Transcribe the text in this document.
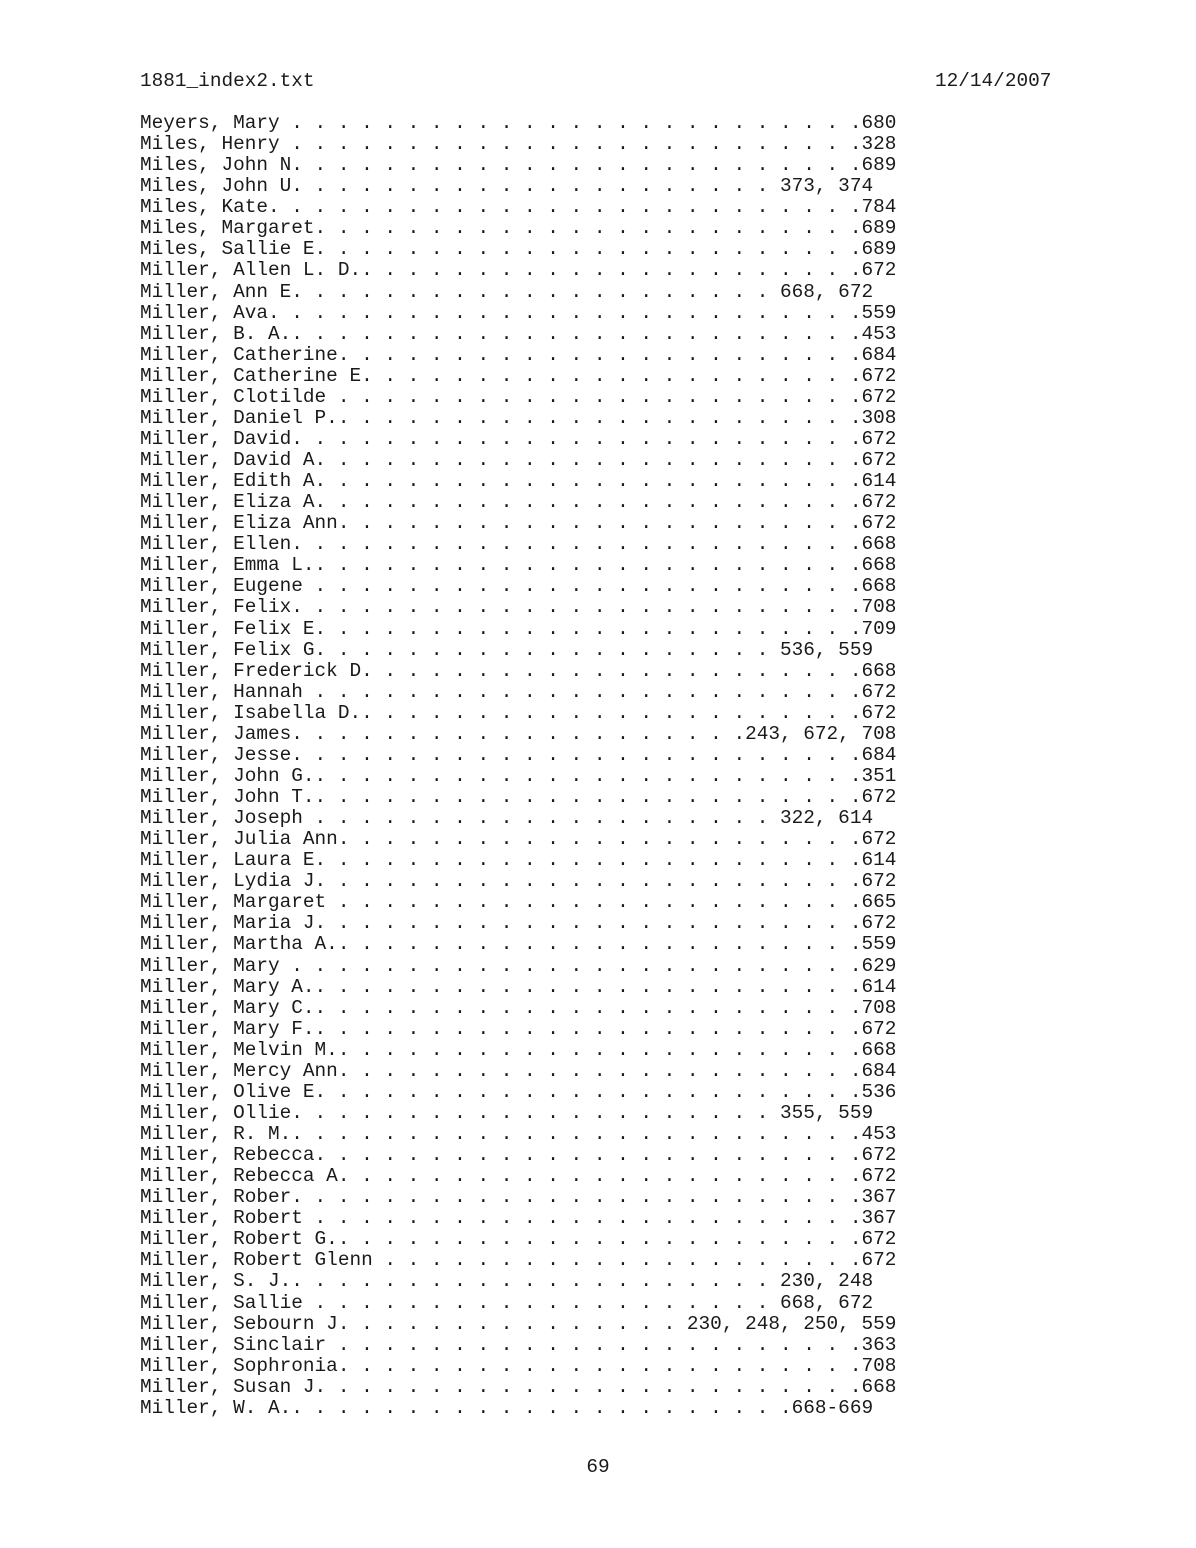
1881_index2.txt	12/14/2007
Meyers, Mary . . . . . . . . . . . . . . . . . . . . . . . . .680
Miles, Henry . . . . . . . . . . . . . . . . . . . . . . . . .328
Miles, John N. . . . . . . . . . . . . . . . . . . . . . . . .689
Miles, John U. . . . . . . . . . . . . . . . . . . . . 373, 374
Miles, Kate. . . . . . . . . . . . . . . . . . . . . . . . . .784
Miles, Margaret. . . . . . . . . . . . . . . . . . . . . . . .689
Miles, Sallie E. . . . . . . . . . . . . . . . . . . . . . . .689
Miller, Allen L. D.. . . . . . . . . . . . . . . . . . . . . .672
Miller, Ann E. . . . . . . . . . . . . . . . . . . . . 668, 672
Miller, Ava. . . . . . . . . . . . . . . . . . . . . . . . . .559
Miller, B. A.. . . . . . . . . . . . . . . . . . . . . . . . .453
Miller, Catherine. . . . . . . . . . . . . . . . . . . . . . .684
Miller, Catherine E. . . . . . . . . . . . . . . . . . . . . .672
Miller, Clotilde . . . . . . . . . . . . . . . . . . . . . . .672
Miller, Daniel P.. . . . . . . . . . . . . . . . . . . . . . .308
Miller, David. . . . . . . . . . . . . . . . . . . . . . . . .672
Miller, David A. . . . . . . . . . . . . . . . . . . . . . . .672
Miller, Edith A. . . . . . . . . . . . . . . . . . . . . . . .614
Miller, Eliza A. . . . . . . . . . . . . . . . . . . . . . . .672
Miller, Eliza Ann. . . . . . . . . . . . . . . . . . . . . . .672
Miller, Ellen. . . . . . . . . . . . . . . . . . . . . . . . .668
Miller, Emma L.. . . . . . . . . . . . . . . . . . . . . . . .668
Miller, Eugene . . . . . . . . . . . . . . . . . . . . . . . .668
Miller, Felix. . . . . . . . . . . . . . . . . . . . . . . . .708
Miller, Felix E. . . . . . . . . . . . . . . . . . . . . . . .709
Miller, Felix G. . . . . . . . . . . . . . . . . . . . 536, 559
Miller, Frederick D. . . . . . . . . . . . . . . . . . . . . .668
Miller, Hannah . . . . . . . . . . . . . . . . . . . . . . . .672
Miller, Isabella D.. . . . . . . . . . . . . . . . . . . . . .672
Miller, James. . . . . . . . . . . . . . . . . . . .243, 672, 708
Miller, Jesse. . . . . . . . . . . . . . . . . . . . . . . . .684
Miller, John G.. . . . . . . . . . . . . . . . . . . . . . . .351
Miller, John T.. . . . . . . . . . . . . . . . . . . . . . . .672
Miller, Joseph . . . . . . . . . . . . . . . . . . . . 322, 614
Miller, Julia Ann. . . . . . . . . . . . . . . . . . . . . . .672
Miller, Laura E. . . . . . . . . . . . . . . . . . . . . . . .614
Miller, Lydia J. . . . . . . . . . . . . . . . . . . . . . . .672
Miller, Margaret . . . . . . . . . . . . . . . . . . . . . . .665
Miller, Maria J. . . . . . . . . . . . . . . . . . . . . . . .672
Miller, Martha A.. . . . . . . . . . . . . . . . . . . . . . .559
Miller, Mary . . . . . . . . . . . . . . . . . . . . . . . . .629
Miller, Mary A.. . . . . . . . . . . . . . . . . . . . . . . .614
Miller, Mary C.. . . . . . . . . . . . . . . . . . . . . . . .708
Miller, Mary F.. . . . . . . . . . . . . . . . . . . . . . . .672
Miller, Melvin M.. . . . . . . . . . . . . . . . . . . . . . .668
Miller, Mercy Ann. . . . . . . . . . . . . . . . . . . . . . .684
Miller, Olive E. . . . . . . . . . . . . . . . . . . . . . . .536
Miller, Ollie. . . . . . . . . . . . . . . . . . . . . 355, 559
Miller, R. M.. . . . . . . . . . . . . . . . . . . . . . . . .453
Miller, Rebecca. . . . . . . . . . . . . . . . . . . . . . . .672
Miller, Rebecca A. . . . . . . . . . . . . . . . . . . . . . .672
Miller, Rober. . . . . . . . . . . . . . . . . . . . . . . . .367
Miller, Robert . . . . . . . . . . . . . . . . . . . . . . . .367
Miller, Robert G.. . . . . . . . . . . . . . . . . . . . . . .672
Miller, Robert Glenn . . . . . . . . . . . . . . . . . . . . .672
Miller, S. J.. . . . . . . . . . . . . . . . . . . . . 230, 248
Miller, Sallie . . . . . . . . . . . . . . . . . . . . 668, 672
Miller, Sebourn J. . . . . . . . . . . . . . . 230, 248, 250, 559
Miller, Sinclair . . . . . . . . . . . . . . . . . . . . . . .363
Miller, Sophronia. . . . . . . . . . . . . . . . . . . . . . .708
Miller, Susan J. . . . . . . . . . . . . . . . . . . . . . . .668
Miller, W. A.. . . . . . . . . . . . . . . . . . . . . .668-669
69
